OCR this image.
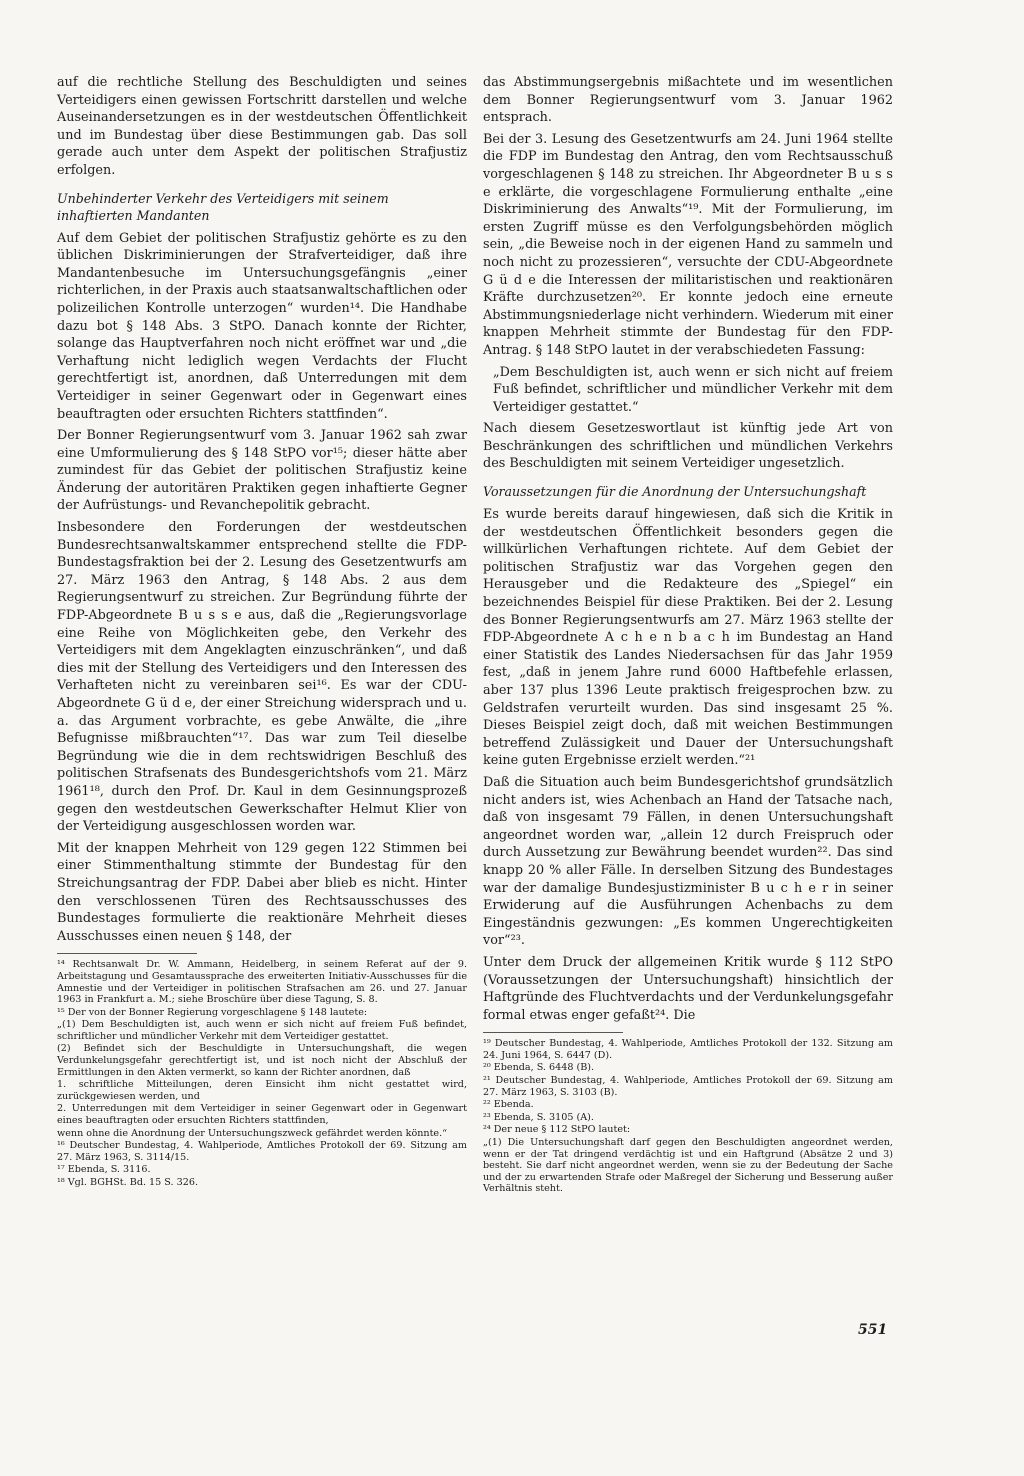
auf die rechtliche Stellung des Beschuldigten und seines Verteidigers einen gewissen Fortschritt darstellen und welche Auseinandersetzungen es in der westdeutschen Öffentlichkeit und im Bundestag über diese Bestimmungen gab. Das soll gerade auch unter dem Aspekt der politischen Strafjustiz erfolgen.

Unbehinderter Verkehr des Verteidigers mit seinem inhaftierten Mandanten

Auf dem Gebiet der politischen Strafjustiz gehörte es zu den üblichen Diskriminierungen der Strafverteidiger, daß ihre Mandantenbesuche im Untersuchungsgefängnis „einer richterlichen, in der Praxis auch staatsanwaltschaftlichen oder polizeilichen Kontrolle unterzogen“ wurden¹⁴. Die Handhabe dazu bot § 148 Abs. 3 StPO. Danach konnte der Richter, solange das Hauptverfahren noch nicht eröffnet war und „die Verhaftung nicht lediglich wegen Verdachts der Flucht gerechtfertigt ist, anordnen, daß Unterredungen mit dem Verteidiger in seiner Gegenwart oder in Gegenwart eines beauftragten oder ersuchten Richters stattfinden“.

Der Bonner Regierungsentwurf vom 3. Januar 1962 sah zwar eine Umformulierung des § 148 StPO vor¹⁵; dieser hätte aber zumindest für das Gebiet der politischen Strafjustiz keine Änderung der autoritären Praktiken gegen inhaftierte Gegner der Aufrüstungs- und Revanchepolitik gebracht.

Insbesondere den Forderungen der westdeutschen Bundesrechtsanwaltskammer entsprechend stellte die FDP-Bundestagsfraktion bei der 2. Lesung des Gesetzentwurfs am 27. März 1963 den Antrag, § 148 Abs. 2 aus dem Regierungsentwurf zu streichen. Zur Begründung führte der FDP-Abgeordnete B u s s e aus, daß die „Regierungsvorlage eine Reihe von Möglichkeiten gebe, den Verkehr des Verteidigers mit dem Angeklagten einzuschränken“, und daß dies mit der Stellung des Verteidigers und den Interessen des Verhafteten nicht zu vereinbaren sei¹⁶. Es war der CDU-Abgeordnete G ü d e, der einer Streichung widersprach und u. a. das Argument vorbrachte, es gebe Anwälte, die „ihre Befugnisse mißbrauchten“¹⁷. Das war zum Teil dieselbe Begründung wie die in dem rechtswidrigen Beschluß des politischen Strafsenats des Bundesgerichtshofs vom 21. März 1961¹⁸, durch den Prof. Dr. Kaul in dem Gesinnungsprozeß gegen den westdeutschen Gewerkschafter Helmut Klier von der Verteidigung ausgeschlossen worden war.

Mit der knappen Mehrheit von 129 gegen 122 Stimmen bei einer Stimmenthaltung stimmte der Bundestag für den Streichungsantrag der FDP. Dabei aber blieb es nicht. Hinter den verschlossenen Türen des Rechtsausschusses des Bundestages formulierte die reaktionäre Mehrheit dieses Ausschusses einen neuen § 148, der

¹⁴ Rechtsanwalt Dr. W. Ammann, Heidelberg, in seinem Referat auf der 9. Arbeitstagung und Gesamtaussprache des erweiterten Initiativ-Ausschusses für die Amnestie und der Verteidiger in politischen Strafsachen am 26. und 27. Januar 1963 in Frankfurt a. M.; siehe Broschüre über diese Tagung, S. 8.

¹⁵ Der von der Bonner Regierung vorgeschlagene § 148 lautete:

„(1) Dem Beschuldigten ist, auch wenn er sich nicht auf freiem Fuß befindet, schriftlicher und mündlicher Verkehr mit dem Verteidiger gestattet.

(2) Befindet sich der Beschuldigte in Untersuchungshaft, die wegen Verdunkelungsgefahr gerechtfertigt ist, und ist noch nicht der Abschluß der Ermittlungen in den Akten vermerkt, so kann der Richter anordnen, daß

1. schriftliche Mitteilungen, deren Einsicht ihm nicht gestattet wird, zurückgewiesen werden, und

2. Unterredungen mit dem Verteidiger in seiner Gegenwart oder in Gegenwart eines beauftragten oder ersuchten Richters stattfinden,

wenn ohne die Anordnung der Untersuchungszweck gefährdet werden könnte.“

¹⁶ Deutscher Bundestag, 4. Wahlperiode, Amtliches Protokoll der 69. Sitzung am 27. März 1963, S. 3114/15.

¹⁷ Ebenda, S. 3116.

¹⁸ Vgl. BGHSt. Bd. 15 S. 326.

das Abstimmungsergebnis mißachtete und im wesentlichen dem Bonner Regierungsentwurf vom 3. Januar 1962 entsprach.

Bei der 3. Lesung des Gesetzentwurfs am 24. Juni 1964 stellte die FDP im Bundestag den Antrag, den vom Rechtsausschuß vorgeschlagenen § 148 zu streichen. Ihr Abgeordneter B u s s e erklärte, die vorgeschlagene Formulierung enthalte „eine Diskriminierung des Anwalts“¹⁹. Mit der Formulierung, im ersten Zugriff müsse es den Verfolgungsbehörden möglich sein, „die Beweise noch in der eigenen Hand zu sammeln und noch nicht zu prozessieren“, versuchte der CDU-Abgeordnete G ü d e die Interessen der militaristischen und reaktionären Kräfte durchzusetzen²⁰. Er konnte jedoch eine erneute Abstimmungsniederlage nicht verhindern. Wiederum mit einer knappen Mehrheit stimmte der Bundestag für den FDP-Antrag. § 148 StPO lautet in der verabschiedeten Fassung:

„Dem Beschuldigten ist, auch wenn er sich nicht auf freiem Fuß befindet, schriftlicher und mündlicher Verkehr mit dem Verteidiger gestattet.“

Nach diesem Gesetzeswortlaut ist künftig jede Art von Beschränkungen des schriftlichen und mündlichen Verkehrs des Beschuldigten mit seinem Verteidiger ungesetzlich.

Voraussetzungen für die Anordnung der Untersuchungshaft

Es wurde bereits darauf hingewiesen, daß sich die Kritik in der westdeutschen Öffentlichkeit besonders gegen die willkürlichen Verhaftungen richtete. Auf dem Gebiet der politischen Strafjustiz war das Vorgehen gegen den Herausgeber und die Redakteure des „Spiegel“ ein bezeichnendes Beispiel für diese Praktiken. Bei der 2. Lesung des Bonner Regierungsentwurfs am 27. März 1963 stellte der FDP-Abgeordnete A c h e n b a c h im Bundestag an Hand einer Statistik des Landes Niedersachsen für das Jahr 1959 fest, „daß in jenem Jahre rund 6000 Haftbefehle erlassen, aber 137 plus 1396 Leute praktisch freigesprochen bzw. zu Geldstrafen verurteilt wurden. Das sind insgesamt 25 %. Dieses Beispiel zeigt doch, daß mit weichen Bestimmungen betreffend Zulässigkeit und Dauer der Untersuchungshaft keine guten Ergebnisse erzielt werden.“²¹

Daß die Situation auch beim Bundesgerichtshof grundsätzlich nicht anders ist, wies Achenbach an Hand der Tatsache nach, daß von insgesamt 79 Fällen, in denen Untersuchungshaft angeordnet worden war, „allein 12 durch Freispruch oder durch Aussetzung zur Bewährung beendet wurden²². Das sind knapp 20 % aller Fälle. In derselben Sitzung des Bundestages war der damalige Bundesjustizminister B u c h e r in seiner Erwiderung auf die Ausführungen Achenbachs zu dem Eingeständnis gezwungen: „Es kommen Ungerechtigkeiten vor“²³.

Unter dem Druck der allgemeinen Kritik wurde § 112 StPO (Voraussetzungen der Untersuchungshaft) hinsichtlich der Haftgründe des Fluchtverdachts und der Verdunkelungsgefahr formal etwas enger gefaßt²⁴. Die

¹⁹ Deutscher Bundestag, 4. Wahlperiode, Amtliches Protokoll der 132. Sitzung am 24. Juni 1964, S. 6447 (D).

²⁰ Ebenda, S. 6448 (B).

²¹ Deutscher Bundestag, 4. Wahlperiode, Amtliches Protokoll der 69. Sitzung am 27. März 1963, S. 3103 (B).

²² Ebenda.

²³ Ebenda, S. 3105 (A).

²⁴ Der neue § 112 StPO lautet:

„(1) Die Untersuchungshaft darf gegen den Beschuldigten angeordnet werden, wenn er der Tat dringend verdächtig ist und ein Haftgrund (Absätze 2 und 3) besteht. Sie darf nicht angeordnet werden, wenn sie zu der Bedeutung der Sache und der zu erwartenden Strafe oder Maßregel der Sicherung und Besserung außer Verhältnis steht.

551
